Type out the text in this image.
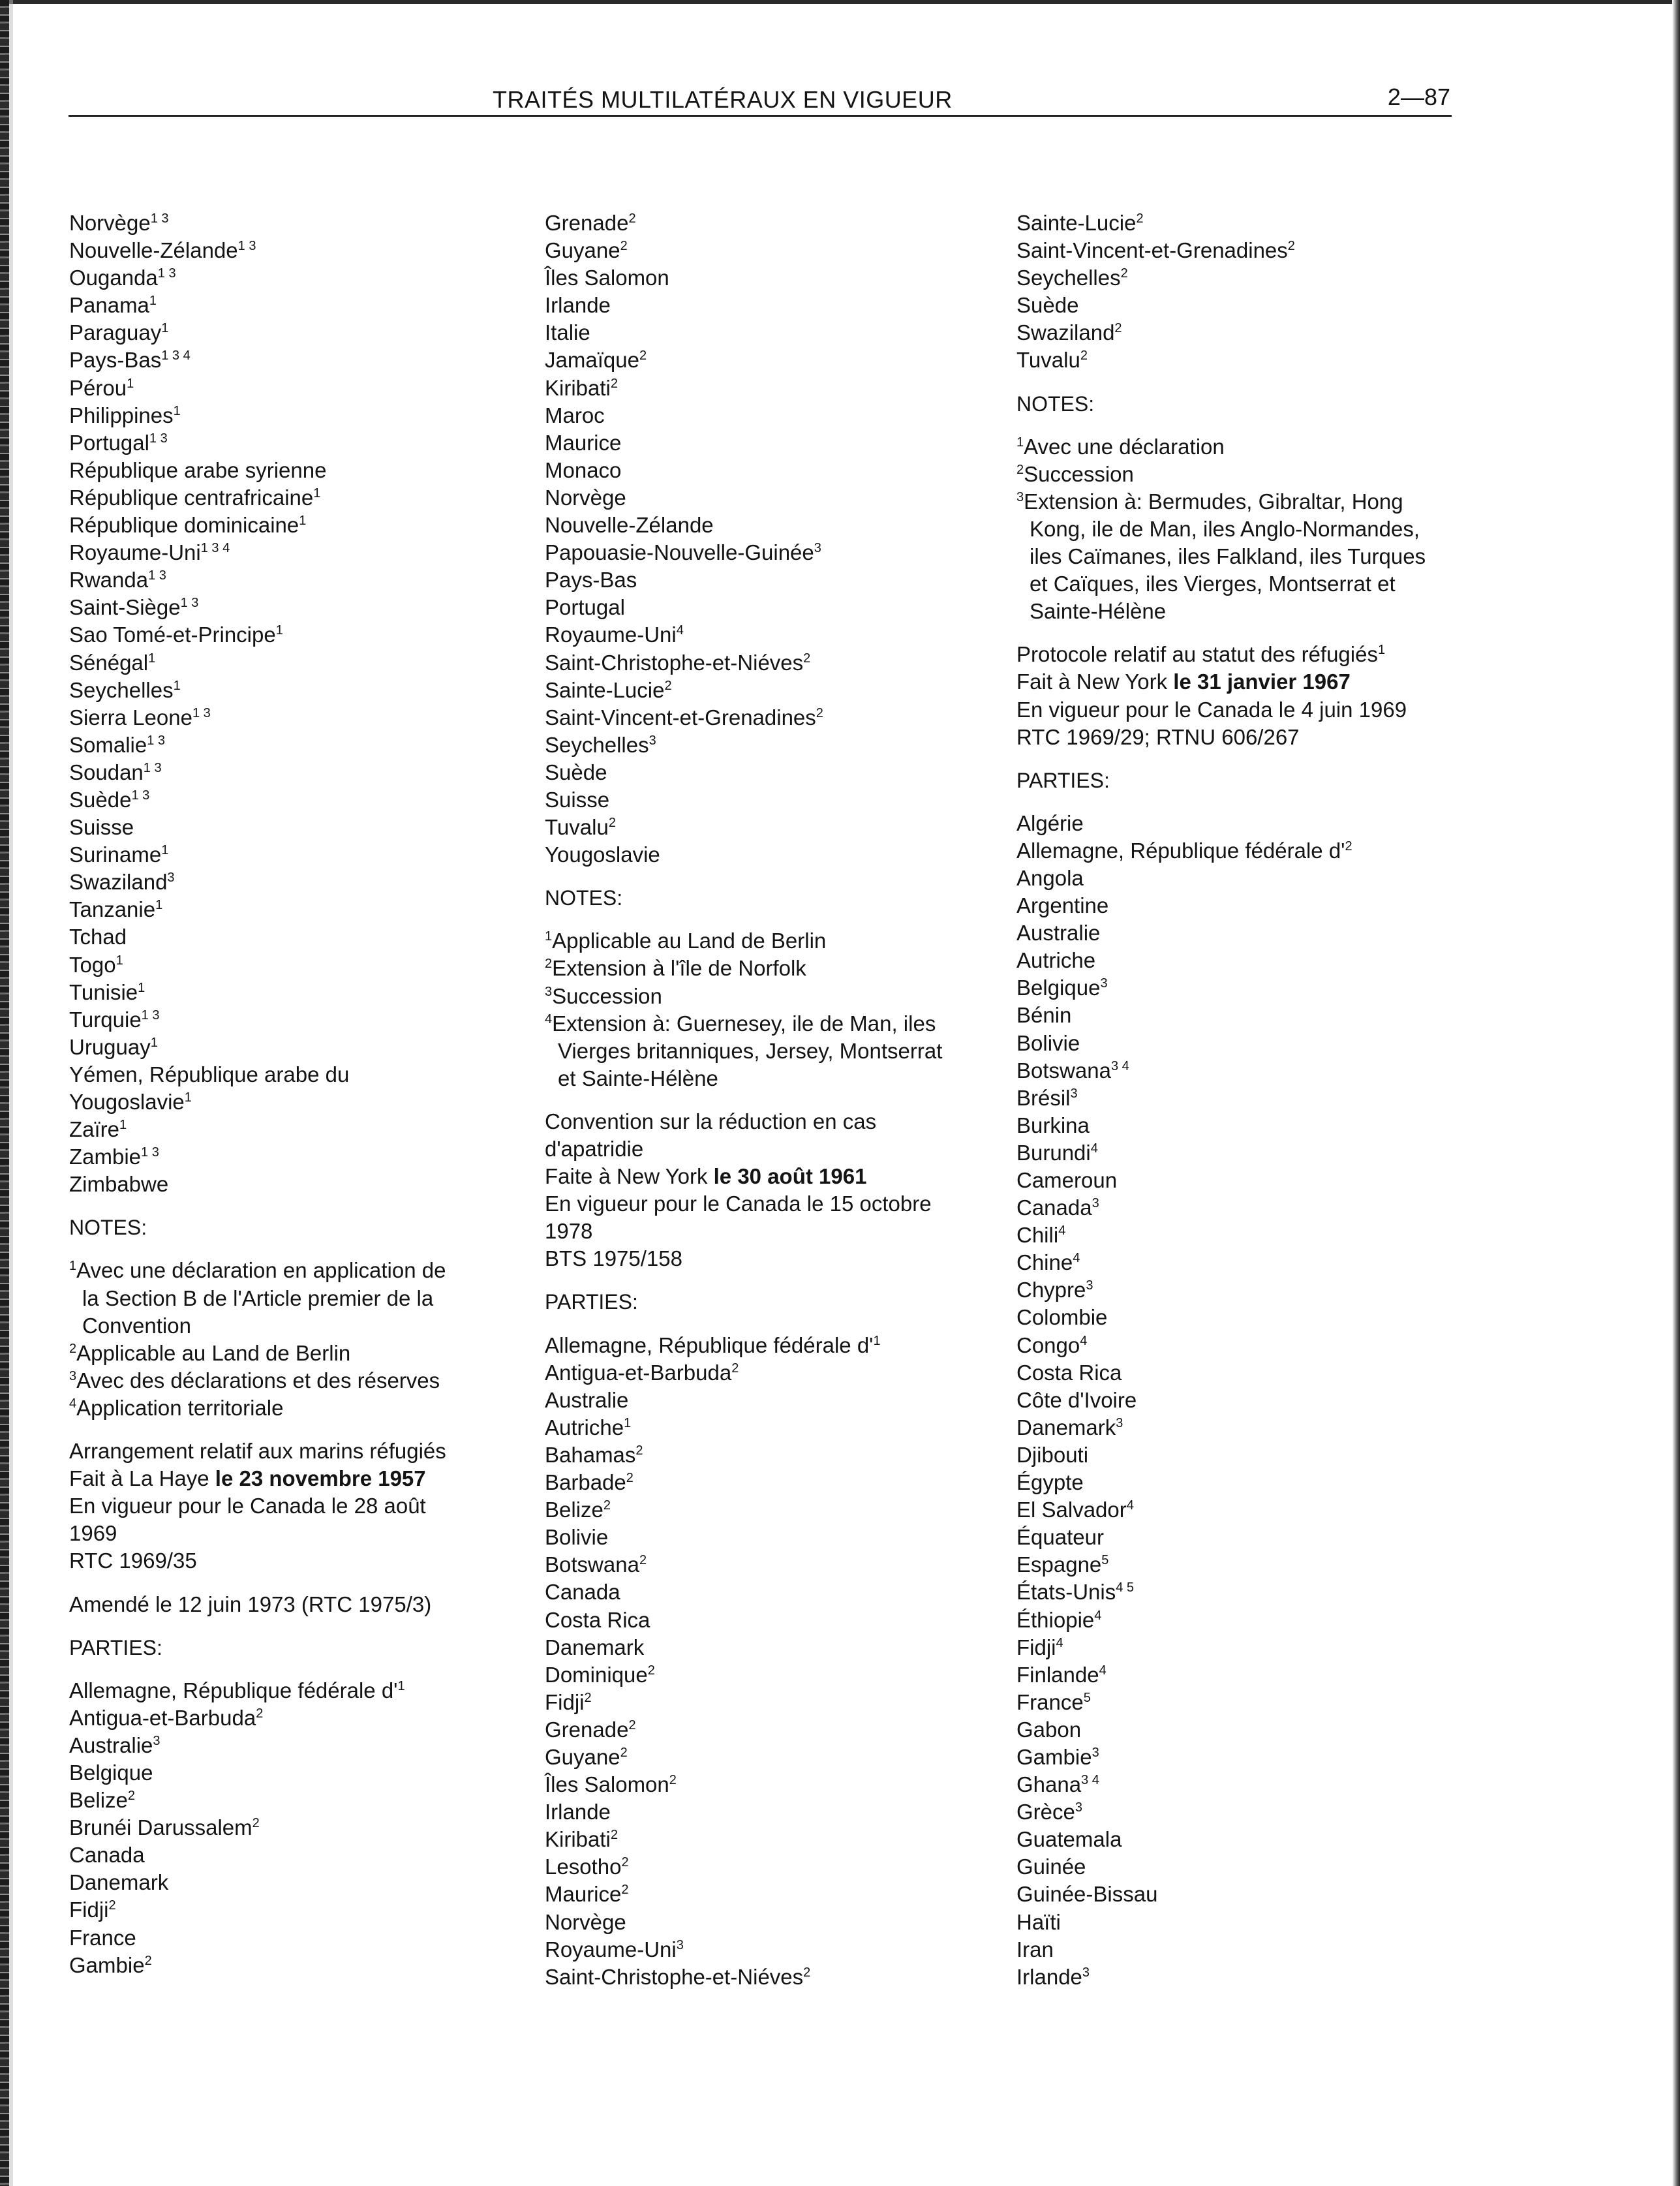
TRAITÉS MULTILATÉRAUX EN VIGUEUR	2—87
Norvège$^{1 3}$
Nouvelle-Zélande$^{1 3}$
Ouganda$^{1 3}$
Panama$^1$
Paraguay$^1$
Pays-Bas$^{1 3 4}$
Pérou$^1$
Philippines$^1$
Portugal$^{1 3}$
République arabe syrienne
République centrafricaine$^1$
République dominicaine$^1$
Royaume-Uni$^{1 3 4}$
Rwanda$^{1 3}$
Saint-Siège$^{1 3}$
Sao Tomé-et-Principe$^1$
Sénégal$^1$
Seychelles$^1$
Sierra Leone$^{1 3}$
Somalie$^{1 3}$
Soudan$^{1 3}$
Suède$^{1 3}$
Suisse
Suriname$^1$
Swaziland$^3$
Tanzanie$^1$
Tchad
Togo$^1$
Tunisie$^1$
Turquie$^{1 3}$
Uruguay$^1$
Yémen, République arabe du
Yougoslavie$^1$
Zaïre$^1$
Zambie$^{1 3}$
Zimbabwe
NOTES:
$^1$Avec une déclaration en application de
la Section B de l'Article premier de la
Convention
$^2$Applicable au Land de Berlin
$^3$Avec des déclarations et des réserves
$^4$Application territoriale
Arrangement relatif aux marins réfugiés
Fait à La Haye le 23 novembre 1957
En vigueur pour le Canada le 28 août
1969
RTC 1969/35
Amendé le 12 juin 1973 (RTC 1975/3)
PARTIES:
Allemagne, République fédérale $d'^1$
Antigua-et-Barbuda$^2$
Australie$^3$
Belgique
Belize$^2$
Brunéi Darussalem$^2$
Canada
Danemark
Fidji$^2$
France
Gambie$^2$
Grenade$^2$
Guyane$^2$
Îles Salomon
Irlande
Italie
Jamaïque$^2$
Kiribati$^2$
Maroc
Maurice
Monaco
Norvège
Nouvelle-Zélande
Papouasie-Nouvelle-Guinée$^3$
Pays-Bas
Portugal
Royaume-Uni$^4$
Saint-Christophe-et-Niéves$^2$
Sainte-Lucie$^2$
Saint-Vincent-et-Grenadines$^2$
Seychelles$^3$
Suède
Suisse
Tuvalu$^2$
Yougoslavie
NOTES:
$^1$Applicable au Land de Berlin
$^2$Extension à l'île de Norfolk
$^3$Succession
$^4$Extension à: Guernesey, ile de Man, iles
Vierges britanniques, Jersey, Montserrat
et Sainte-Hélène
Convention sur la réduction en cas
d'apatridie
Faite à New York le 30 août 1961
En vigueur pour le Canada le 15 octobre
1978
BTS 1975/158
PARTIES:
Allemagne, République fédérale $d'^1$
Antigua-et-Barbuda$^2$
Australie
Autriche$^1$
Bahamas$^2$
Barbade$^2$
Belize$^2$
Bolivie
Botswana$^2$
Canada
Costa Rica
Danemark
Dominique$^2$
Fidji$^2$
Grenade$^2$
Guyane$^2$
Îles Salomon$^2$
Irlande
Kiribati$^2$
Lesotho$^2$
Maurice$^2$
Norvège
Royaume-Uni$^3$
Saint-Christophe-et-Niéves$^2$
Sainte-Lucie$^2$
Saint-Vincent-et-Grenadines$^2$
Seychelles$^2$
Suède
Swaziland$^2$
Tuvalu$^2$
NOTES:
$^1$Avec une déclaration
$^2$Succession
$^3$Extension à: Bermudes, Gibraltar, Hong
Kong, ile de Man, iles Anglo-Normandes,
iles Caïmanes, iles Falkland, iles Turques
et Caïques, iles Vierges, Montserrat et
Sainte-Hélène
Protocole relatif au statut des réfugiés$^1$
Fait à New York le 31 janvier 1967
En vigueur pour le Canada le 4 juin 1969
RTC 1969/29; RTNU 606/267
PARTIES:
Algérie
Allemagne, République fédérale $d'^2$
Angola
Argentine
Australie
Autriche
Belgique$^3$
Bénin
Bolivie
Botswana$^{3 4}$
Brésil$^3$
Burkina
Burundi$^4$
Cameroun
Canada$^3$
Chili$^4$
Chine$^4$
Chypre$^3$
Colombie
Congo$^4$
Costa Rica
Côte d'Ivoire
Danemark$^3$
Djibouti
Égypte
El Salvador$^4$
Équateur
Espagne$^5$
États-Unis$^{4 5}$
Éthiopie$^4$
Fidji$^4$
Finlande$^4$
France$^5$
Gabon
Gambie$^3$
Ghana$^{3 4}$
Grèce$^3$
Guatemala
Guinée
Guinée-Bissau
Haïti
Iran
Irlande$^3$
